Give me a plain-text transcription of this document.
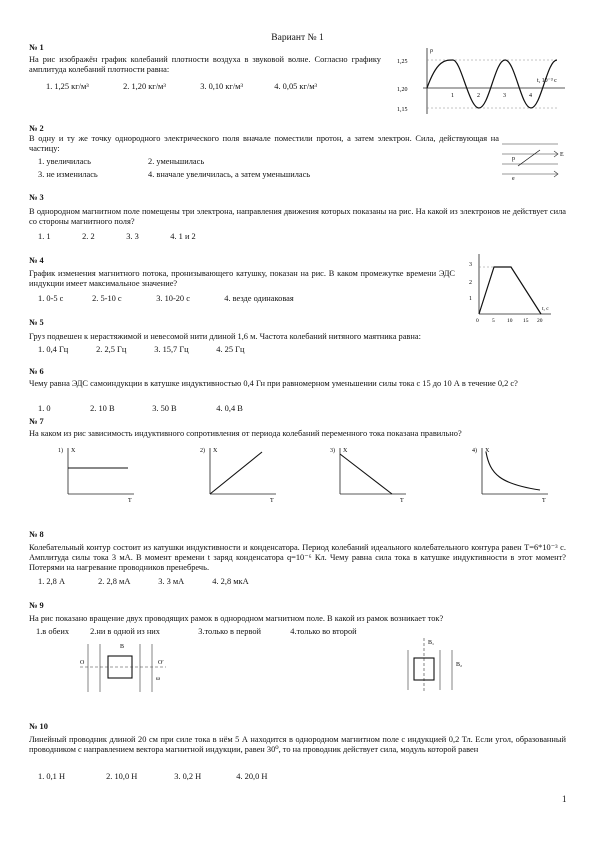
Вариант № 1
№ 1
На рис изображён график колебаний плотности воздуха в звуковой волне. Согласно графику амплитуда колебаний плотности равна:
1. 1,25 кг/м³	2. 1,20 кг/м³	3. 0,10 кг/м³	4. 0,05 кг/м³
1,25
1,20
1,15
1	2	3	4
t, 10⁻³ с
ρ
№ 2
В одну и ту же точку однородного электрического поля вначале поместили протон, а затем электрон. Сила, действующая на частицу:
1. увеличилась	2. уменьшилась
3. не изменилась	4. вначале увеличилась, а затем уменьшилась
E
p
e
№ 3
В однородном магнитном поле помещены три электрона, направления движения которых показаны на рис. На какой из электронов не действует сила со стороны магнитного поля?
1. 1	2. 2	3. 3	4. 1 и 2
№ 4
График изменения магнитного потока, пронизывающего катушку, показан на рис. В каком промежутке времени ЭДС индукции имеет максимальное значение?
1. 0-5 с	2. 5-10 с	3. 10-20 с	4. везде одинаковая
3
2
1
0 5 10 15 20
t, с
№ 5
Груз подвешен к нерастяжимой и невесомой нити длиной 1,6 м. Частота колебаний нитяного маятника равна:
1. 0,4 Гц	2. 2,5 Гц	3. 15,7 Гц	4. 25 Гц
№ 6
Чему равна ЭДС самоиндукции в катушке индуктивностью 0,4 Гн при равномерном уменьшении силы тока с 15 до 10 А в течение 0,2 с?
1. 0	2. 10 В	3. 50 В	4. 0,4 В
№ 7
На каком из рис зависимость индуктивного сопротивления от периода колебаний переменного тока показана правильно?
1) X
T
2) X
T
3) X
T
4) X
T
№ 8
Колебательный контур состоит из катушки индуктивности и конденсатора. Период колебаний идеального колебательного контура равен T=6*10⁻³ с. Амплитуда силы тока 3 мА. В момент времени t заряд конденсатора q=10⁻⁶ Кл. Чему равна сила тока в катушке индуктивности в этот момент? Потерями на нагревание проводников пренебречь.
1. 2,8 А	2. 2,8 мА	3. 3 мА	4. 2,8 мкА
№ 9
На рис показано вращение двух проводящих рамок в однородном магнитном поле. В какой из рамок возникает ток?
1.в обеих	2.ни в одной из них	3.только в первой	4.только во второй
B
O	O′
ω
B₁
B₂
№ 10
Линейный проводник длиной 20 см при силе тока в нём 5 А находится в однородном магнитном поле с индукцией 0,2 Тл. Если угол, образованный проводником с направлением вектора магнитной индукции, равен 30⁰, то на проводник действует сила, модуль которой равен
1. 0,1 Н	2. 10,0 Н	3. 0,2 Н	4. 20,0 Н
1
